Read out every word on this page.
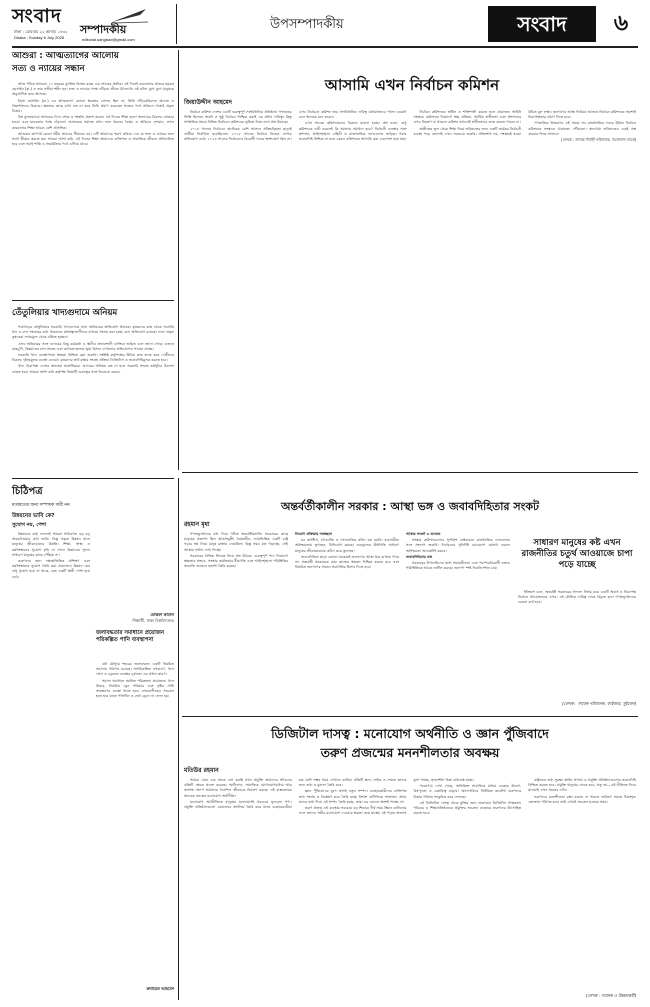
সংবাদ
সম্পাদকীয়
ঢাকা : রোববার ২২ আষাঢ় ১৪৩২
Dhaka : Sunday 6 July 2025	editorial.sangbad@gmail.com
উপসম্পাদকীয়	সংবাদ	৬
আশুরা : আত্মত্যাগের আলোয়
সত্য ও ন্যায়ের সন্ধান

আজ পবিত্র আশুরা। ১০ মহররম মুসলিম বিশ্বের কাছে এক শোকের প্রতীক। এই দিনেই কারবালার প্রান্তরে হযরত হোসাইন (রা.) ও তার সঙ্গীরা শহীদ হন। সত্য ও ন্যায়ের পক্ষে দাঁড়িয়ে জীবন উৎসর্গের এই ঘটনা যুগে যুগে মানুষকে অনুপ্রাণিত করে আসছে।

ইমাম হোসাইন (রা.) এর আত্মত্যাগ কোনো ক্ষমতার লোভে ছিল না; তিনি দাঁড়িয়েছিলেন অন্যায় ও স্বৈরশাসনের বিরুদ্ধে। ক্ষমতার কাছে মাথা নত না করে তিনি প্রমাণ করেছেন সত্যের পথে অবিচল থাকাই প্রকৃত বিজয়।

বিশ্ব মুসলমানরা আশুরার দিনে শোক ও সংহতি প্রকাশ করেন। এই দিনের শিক্ষা হলো অন্যায়ের বিরুদ্ধে সোচ্চার হওয়া এবং মানবতার পক্ষে দাঁড়ানো। আজকের সমাজে যখন নানা ধরনের বৈষম্য ও অবিচার দৃশ্যমান, তখন কারবালার শিক্ষা আরও বেশি প্রাসঙ্গিক।

আশুরার তাৎপর্য কেবল ধর্মীয় আচারে সীমাবদ্ধ নয়। এটি আমাদের স্মরণ করিয়ে দেয় যে সত্য ও ন্যায়ের জন্য ত্যাগ স্বীকার করতে হয়। আমরা আশা করি, এই দিনের শিক্ষা আমাদের ব্যক্তিগত ও সামাজিক জীবনে প্রতিফলিত হবে এবং সবাই শান্তি ও সহমর্মিতার পথে এগিয়ে যাবে।

তেঁতুলিয়ার খাদ্যগুদামে অনিয়ম

পঞ্চগড়ের তেঁতুলিয়ার সরকারি খাদ্যগুদামে নানা অনিয়মের অভিযোগ উঠেছে। কৃষকদের কাছ থেকে সরাসরি ধান ও চাল সংগ্রহের কথা থাকলেও মধ্যস্বত্বভোগীদের মাধ্যমে সংগ্রহ করা হচ্ছে বলে অভিযোগ রয়েছে। ফলে প্রকৃত কৃষকেরা ন্যায্যমূল্য থেকে বঞ্চিত হচ্ছেন।

এসব অনিয়মের সঙ্গে গুদামের কিছু কর্মকর্তা ও স্থানীয় প্রভাবশালী ব্যক্তিরা জড়িত বলে জানা গেছে। ওজনে কারচুপি, নিম্নমানের চাল সংগ্রহ এবং কাগজে-কলমে ভুয়া হিসাব দেখানোর অভিযোগও পাওয়া যাচ্ছে।

সরকারি খাদ্য ব্যবস্থাপনায় স্বচ্ছতা নিশ্চিত করা জরুরি। সংশ্লিষ্ট কর্তৃপক্ষের উচিত দ্রুত তদন্ত করে দোষীদের বিরুদ্ধে দৃষ্টান্তমূলক ব্যবস্থা নেওয়া। কৃষকদের স্বার্থ রক্ষায় সংগ্রহ প্রক্রিয়া ডিজিটাল ও জবাবদিহিমূলক করতে হবে।

খাদ্য নিরাপত্তা দেশের অন্যতম অগ্রাধিকার। গুদামের অনিয়ম বন্ধ না হলে সরকারি সংগ্রহ কর্মসূচির উদ্দেশ্য ব্যাহত হবে। আমরা আশা করি কর্তৃপক্ষ বিষয়টি গুরুত্বের সঙ্গে বিবেচনা করবে।

আসামি এখন নির্বাচন কমিশন
জিয়াউদ্দীন আহমেদ

নির্বাচন কমিশন দেশের একটি গুরুত্বপূর্ণ সাংবিধানিক প্রতিষ্ঠান। গণতন্ত্রের ভিত্তি হিসেবে অবাধ ও সুষ্ঠু নির্বাচন নিশ্চিত করাই এর প্রধান দায়িত্ব। কিন্তু সাম্প্রতিক সময়ে বিভিন্ন নির্বাচনে কমিশনের ভূমিকা নিয়ে নানা প্রশ্ন উঠেছে।

২০১৪ সালের নির্বাচনে অর্ধেকের বেশি আসনে প্রতিদ্বন্দ্বিতা ছাড়াই প্রার্থীরা নির্বাচিত হয়েছিলেন। ২০১৮ সালের নির্বাচন নিয়েও ব্যাপক অভিযোগ ওঠে। ২০২৪ সালের নির্বাচনেও বিরোধী দলের অংশগ্রহণ ছিল না। এসব নির্বাচনে কমিশন তার সাংবিধানিক দায়িত্ব যথাযথভাবে পালন করেনি বলে অনেকে মনে করেন।

এখন সাবেক কমিশনারদের বিরুদ্ধে মামলা হচ্ছে। প্রশ্ন হলো, শুধু কমিশনকে দায়ী করলেই কি সমস্যার সমাধান হবে? নির্বাচনী ব্যবস্থার সঙ্গে প্রশাসন, আইনশৃঙ্খলা বাহিনী ও রাজনৈতিক দলগুলোও জড়িত। সবার জবাবদিহি নিশ্চিত না হলে কেবল কমিশনকে আসামি করা একপেশে হয়ে যায়।

নির্বাচন কমিশনকে স্বাধীন ও শক্তিশালী করতে হলে প্রয়োজন আইনি সংস্কার। কমিশনার নিয়োগে স্বচ্ছ প্রক্রিয়া, আর্থিক স্বাধীনতা এবং প্রশাসনের ওপর নিয়ন্ত্রণ না থাকলে কমিশন কখনোই স্বাধীনভাবে কাজ করতে পারবে না।

অতীতের ভুল থেকে শিক্ষা নিয়ে ভবিষ্যতের জন্য একটি কার্যকর নির্বাচনী ব্যবস্থা গড়ে তোলাই এখন সবচেয়ে জরুরি। প্রতিশোধ নয়, সংস্কারই হওয়া উচিত মূল লক্ষ্য। জনগণের আস্থা ফিরিয়ে আনতে নির্বাচন কমিশনকে অবশ্যই নিরপেক্ষতার প্রমাণ দিতে হবে।

গণতান্ত্রিক উত্তরণের এই সময়ে সব রাজনৈতিক দলের উচিত নির্বাচন কমিশনের সংস্কারে ঐকমত্যে পৌঁছানো। অন্যথায় ভবিষ্যতেও একই প্রশ্ন বারবার ফিরে আসবে।

[লেখক : সাবেক নির্বাহী পরিচালক, বাংলাদেশ ব্যাংক]

চিঠিপত্র
মতামতের জন্য সম্পাদক দায়ী নন
উন্নয়নের ভাবি কে?
সুযোগ নয়, পেশা

উন্নয়নের কথা বললেই আমরা সাধারণত বড় বড় অবকাঠামোর কথা ভাবি। কিন্তু প্রকৃত উন্নয়ন মানে মানুষের জীবনমানের উন্নতি। শিক্ষা, স্বাস্থ্য ও কর্মসংস্থানের সুযোগ বৃদ্ধি না পেলে উন্নয়নের সুফল সাধারণ মানুষের কাছে পৌঁছায় না।

তরুণদের জন্য দক্ষতাভিত্তিক প্রশিক্ষণ এবং কর্মসংস্থানের সুযোগ তৈরি করা প্রয়োজন। উন্নয়ন যেন শুধু সুযোগ হয়ে না থাকে, বরং একটি স্থায়ী পেশা হয়ে ওঠে।

মোস্তফা কামাল
শিক্ষার্থী, ঢাকা বিশ্ববিদ্যালয়
জলাবদ্ধতার সমাধানে প্রয়োজন পরিকল্পিত পানি ব্যবস্থাপনা

বর্ষা মৌসুমে শহরের জলাবদ্ধতা একটি নিয়মিত সমস্যায় পরিণত হয়েছে। অপরিকল্পিত নগরায়ণ, খাল দখল ও ড্রেনেজ ব্যবস্থার দুর্বলতা এর প্রধান কারণ।

সমস্যা সমাধানে সমন্বিত পরিকল্পনা প্রয়োজন। খাল উদ্ধার, নিয়মিত ড্রেন পরিষ্কার এবং বৃষ্টির পানি সংরক্ষণের ব্যবস্থা নিতে হবে। নগরবাসীকেও সচেতন হতে হবে যাতে পলিথিন ও বর্জ্য ড্রেনে না ফেলা হয়।

রুবায়েত আহমেদ
অন্তর্বর্তীকালীন সরকার : আস্থা ভঙ্গ ও জবাবদিহিতার সংকট
রহমান মৃধা

গণঅভ্যুত্থানের মধ্য দিয়ে গঠিত অন্তর্বর্তীকালীন সরকারের কাছে মানুষের প্রত্যাশা ছিল আকাশচুম্বী। বৈষম্যহীন, ন্যায়ভিত্তিক একটি রাষ্ট্র গড়ার স্বপ্ন নিয়ে মানুষ রাস্তায় নেমেছিল। কিন্তু সময় যত গড়াচ্ছে, সেই আস্থায় ফাটল দেখা দিচ্ছে।

সরকারের বিভিন্ন সিদ্ধান্ত নিয়ে প্রশ্ন উঠছে। গুরুত্বপূর্ণ পদে নিয়োগে স্বচ্ছতার অভাব, সংস্কার কার্যক্রমের ধীরগতি এবং আইনশৃঙ্খলা পরিস্থিতির অবনতি জনমনে হতাশা তৈরি করছে।

নিয়োগ প্রক্রিয়ায় অস্বচ্ছতা

মব জাস্টিস, চাঁদাবাজি ও দখলবাজির ঘটনা বন্ধ হয়নি। ব্যবসায়ীরা অনিশ্চয়তায় ভুগছেন, বিনিয়োগ কমছে। দ্রব্যমূল্যের ঊর্ধ্বগতি সাধারণ মানুষের জীবনযাত্রাকে কঠিন করে তুলেছে।

জবাবদিহিতা ছাড়া কোনো সরকারই জনগণের আস্থা ধরে রাখতে পারে না। অন্তর্বর্তী সরকারকে তার কাজের স্বচ্ছতা নিশ্চিত করতে হবে এবং নিয়মিত জনগণের সামনে অগ্রগতির হিসাব দিতে হবে।

আস্থার সংকট ও জনমত

সংস্কার কমিশনগুলোর সুপারিশ বাস্তবায়নে রাজনৈতিক দলগুলোর সঙ্গে সংলাপ জরুরি। নির্বাচনের সুনির্দিষ্ট রোডম্যাপ ঘোষণা করলে অনিশ্চয়তা অনেকটাই কমবে।

জবাবদিহিতার প্রশ্ন

সরকারের উপদেষ্টাদের মধ্যে সমন্বয়হীনতা এবং পরস্পরবিরোধী বক্তব্য পরিস্থিতিকে আরও জটিল করছে। জনগণ স্পষ্ট দিকনির্দেশনা চায়।

সাধারণ মানুষের কষ্ট এখন রাজনীতির চতুর্থ আওয়াজে চাপা পড়ে যাচ্ছে

ইতিহাস বলে, অন্তর্বর্তী সরকারের সাফল্য নির্ভর করে একটি অবাধ ও নিরপেক্ষ নির্বাচন আয়োজনের ওপর। এই মৌলিক দায়িত্ব থেকে বিচ্যুত হলে গণঅভ্যুত্থানের চেতনা ব্যর্থ হবে।

[লেখক : সাবেক পরিচালক, ফাইজার, সুইডেন]
ডিজিটাল দাসত্ব : মনোযোগ অর্থনীতি ও জ্ঞান পুঁজিবাদে
তরুণ প্রজন্মের মননশীলতার অবক্ষয়
মতিউর রহমান

আমরা এমন এক সময়ে বাস করছি যখন প্রযুক্তি আমাদের জীবনের প্রতিটি ক্ষেত্রে প্রবেশ করেছে। স্মার্টফোন, সামাজিক যোগাযোগমাধ্যম আর অসংখ্য অ্যাপ আমাদের দৈনন্দিন জীবনকে নিয়ন্ত্রণ করছে। এই বাস্তবতাকে অনেকে বলছেন মনোযোগ অর্থনীতি।

মনোযোগ অর্থনীতিতে মানুষের মনোযোগই সবচেয়ে মূল্যবান পণ্য। প্রযুক্তি প্রতিষ্ঠানগুলো এমনভাবে প্ল্যাটফর্ম তৈরি করে যাতে ব্যবহারকারীরা যত বেশি সম্ভব সময় সেখানে কাটায়। প্রতিটি স্ক্রল, লাইক ও শেয়ার তাদের জন্য তথ্য ও মুনাফা তৈরি করে।

জ্ঞান পুঁজিবাদের যুগে তথ্যই নতুন সম্পদ। ব্যবহারকারীদের ব্যক্তিগত তথ্য সংগ্রহ ও বিশ্লেষণ করে তৈরি হচ্ছে বিশাল বাণিজ্যিক সাম্রাজ্য। অথচ যাদের তথ্য দিয়ে এই সম্পদ তৈরি হচ্ছে, তারা এর কোনো অংশই পাচ্ছে না।

তরুণ প্রজন্ম এই ব্যবস্থার সবচেয়ে বড় শিকার। দীর্ঘ সময় স্ক্রিনে কাটানোর ফলে তাদের গভীর মনোযোগ দেওয়ার ক্ষমতা কমে যাচ্ছে। বই পড়ার অভ্যাস হ্রাস পাচ্ছে, সৃজনশীল চিন্তা বাধাগ্রস্ত হচ্ছে।

গবেষণায় দেখা গেছে, অতিরিক্ত সামাজিক মাধ্যম ব্যবহার উদ্বেগ, বিষণ্নতা ও একাকিত্ব বাড়ায়। অ্যালগরিদম নির্ধারিত কনটেন্ট তরুণদের চিন্তার পরিসর সংকুচিত করে ফেলছে।

এই ডিজিটাল দাসত্ব থেকে মুক্তির জন্য প্রয়োজন ডিজিটাল সাক্ষরতা। পরিবার ও শিক্ষাপ্রতিষ্ঠানকে প্রযুক্তির সচেতন ব্যবহারে তরুণদের উৎসাহিত করতে হবে।

রাষ্ট্রকেও তথ্য সুরক্ষা আইন প্রণয়ন ও প্রযুক্তি প্রতিষ্ঠানগুলোর জবাবদিহি নিশ্চিত করতে হবে। প্রযুক্তি মানুষের সেবক হবে, প্রভু নয়—এই নীতিতে ফিরে যাওয়াই এখন সময়ের দাবি।

তরুণদের মননশীলতা রক্ষা করতে না পারলে ভবিষ্যৎ সমাজ চিন্তাশূন্য ভোক্তায় পরিণত হবে। তাই এখনই সচেতন হওয়ার সময়।

[লেখক : গবেষক ও উন্নয়নকর্মী]
